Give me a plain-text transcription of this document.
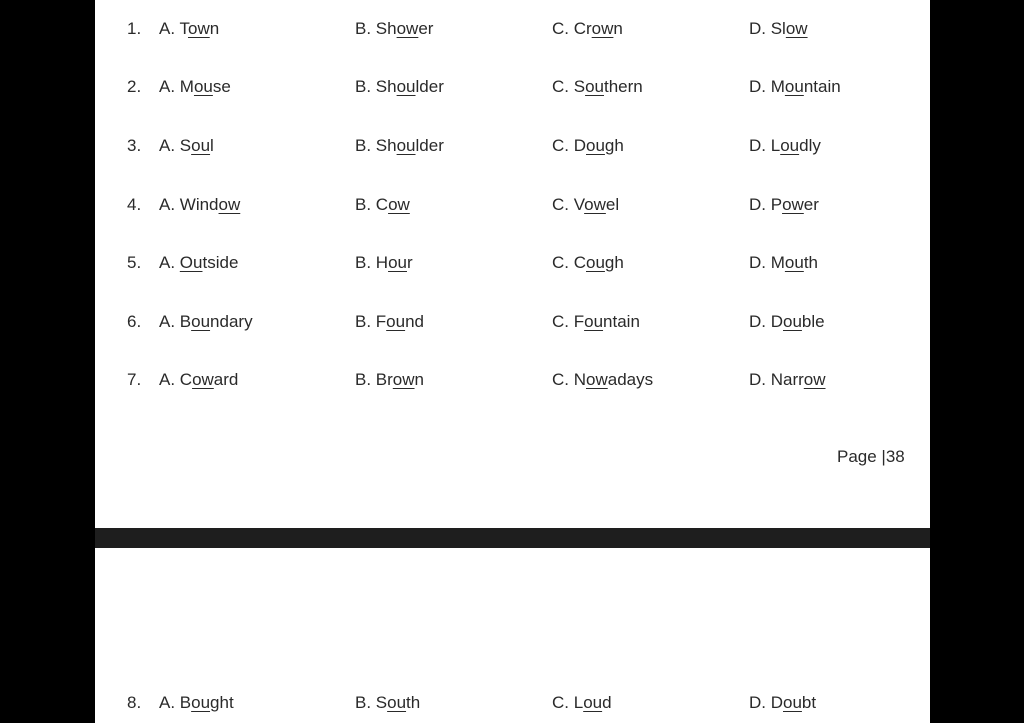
1. A. Town	B. Shower	C. Crown	D. Slow
2. A. Mouse	B. Shoulder	C. Southern	D. Mountain
3. A. Soul	B. Shoulder	C. Dough	D. Loudly
4. A. Window	B. Cow	C. Vowel	D. Power
5. A. Outside	B. Hour	C. Cough	D. Mouth
6. A. Boundary	B. Found	C. Fountain	D. Double
7. A. Coward	B. Brown	C. Nowadays	D. Narrow
Page |38
8. A. Bought	B. South	C. Loud	D. Doubt
